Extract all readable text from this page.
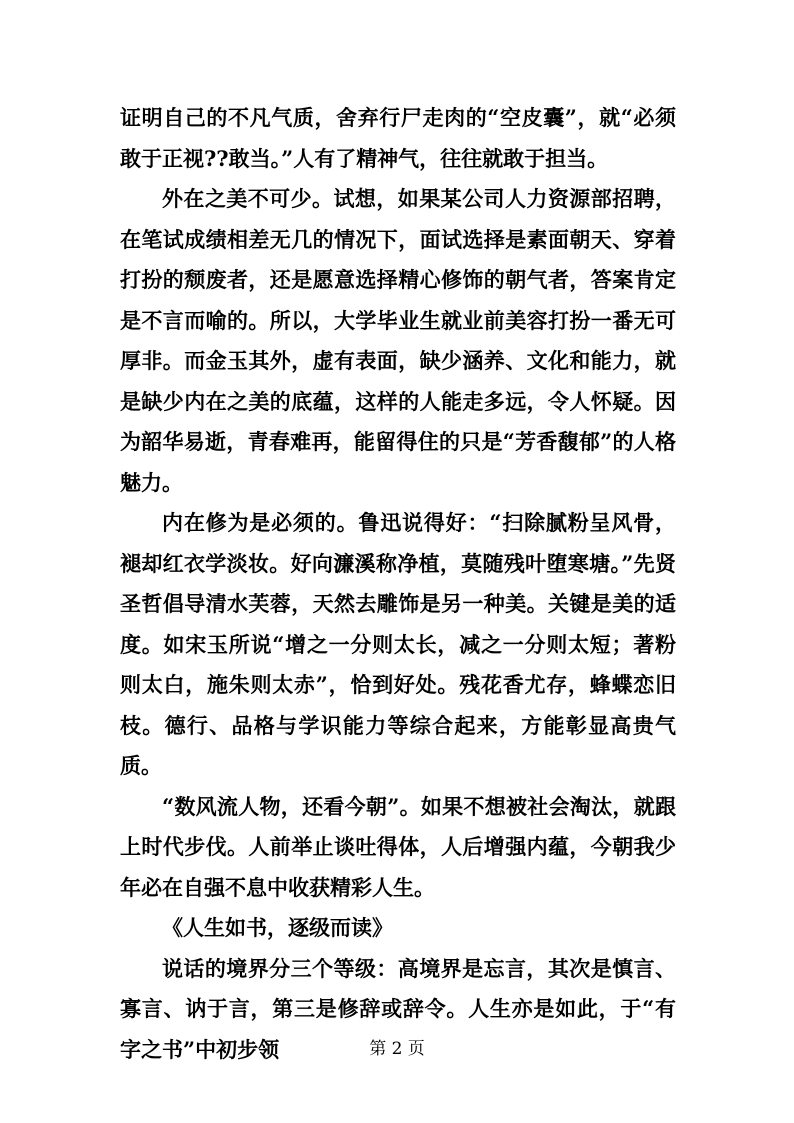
证明自己的不凡气质，舍弃行尸走肉的“空皮囊”，就“必须敢于正视??敢当。”人有了精神气，往往就敢于担当。

外在之美不可少。试想，如果某公司人力资源部招聘，在笔试成绩相差无几的情况下，面试选择是素面朝天、穿着打扮的颓废者，还是愿意选择精心修饰的朝气者，答案肯定是不言而喻的。所以，大学毕业生就业前美容打扮一番无可厚非。而金玉其外，虚有表面，缺少涵养、文化和能力，就是缺少内在之美的底蕴，这样的人能走多远，令人怀疑。因为韶华易逝，青春难再，能留得住的只是“芳香馥郁”的人格魅力。

内在修为是必须的。鲁迅说得好：“扫除腻粉呈风骨，褪却红衣学淡妆。好向濂溪称净植，莫随残叶堕寒塘。”先贤圣哲倡导清水芙蓉，天然去雕饰是另一种美。关键是美的适度。如宋玉所说“增之一分则太长，减之一分则太短；著粉则太白，施朱则太赤”，恰到好处。残花香尤存，蜂蝶恋旧枝。德行、品格与学识能力等综合起来，方能彰显高贵气质。

“数风流人物，还看今朝”。如果不想被社会淘汰，就跟上时代步伐。人前举止谈吐得体，人后增强内蕴，今朝我少年必在自强不息中收获精彩人生。

《人生如书，逐级而读》

说话的境界分三个等级：高境界是忘言，其次是慎言、寡言、讷于言，第三是修辞或辞令。人生亦是如此，于“有字之书”中初步领	第 2 页
